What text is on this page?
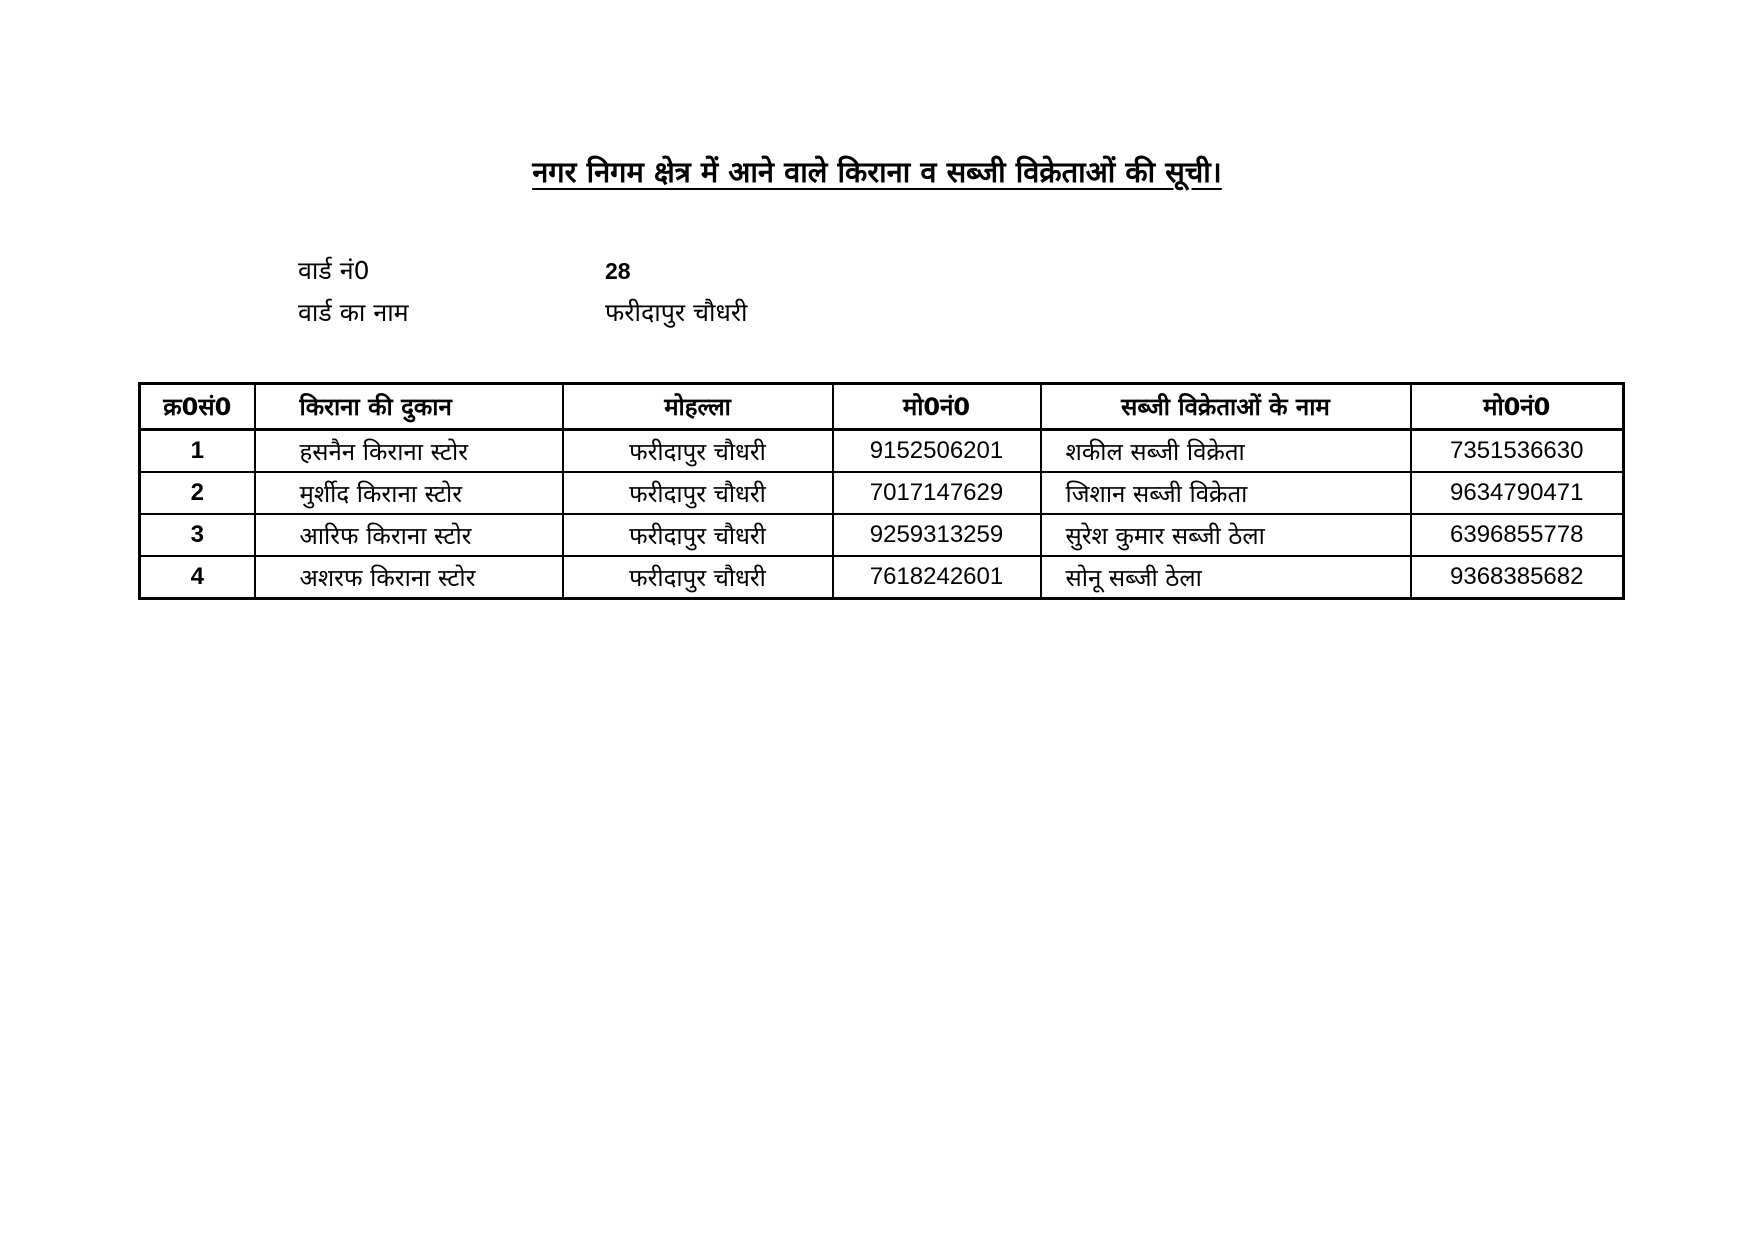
नगर निगम क्षेत्र में आने वाले किराना व सब्जी विक्रेताओं की सूची।
वार्ड नं0	28
वार्ड का नाम	फरीदापुर चौधरी
क्र0सं0	किराना की दुकान	मोहल्ला	मो0नं0	सब्जी विक्रेताओं के नाम	मो0नं0
1	हसनैन किराना स्टोर	फरीदापुर चौधरी	9152506201	शकील सब्जी विक्रेता	7351536630
2	मुर्शीद किराना स्टोर	फरीदापुर चौधरी	7017147629	जिशान सब्जी विक्रेता	9634790471
3	आरिफ किराना स्टोर	फरीदापुर चौधरी	9259313259	सुरेश कुमार सब्जी ठेला	6396855778
4	अशरफ किराना स्टोर	फरीदापुर चौधरी	7618242601	सोनू सब्जी ठेला	9368385682
